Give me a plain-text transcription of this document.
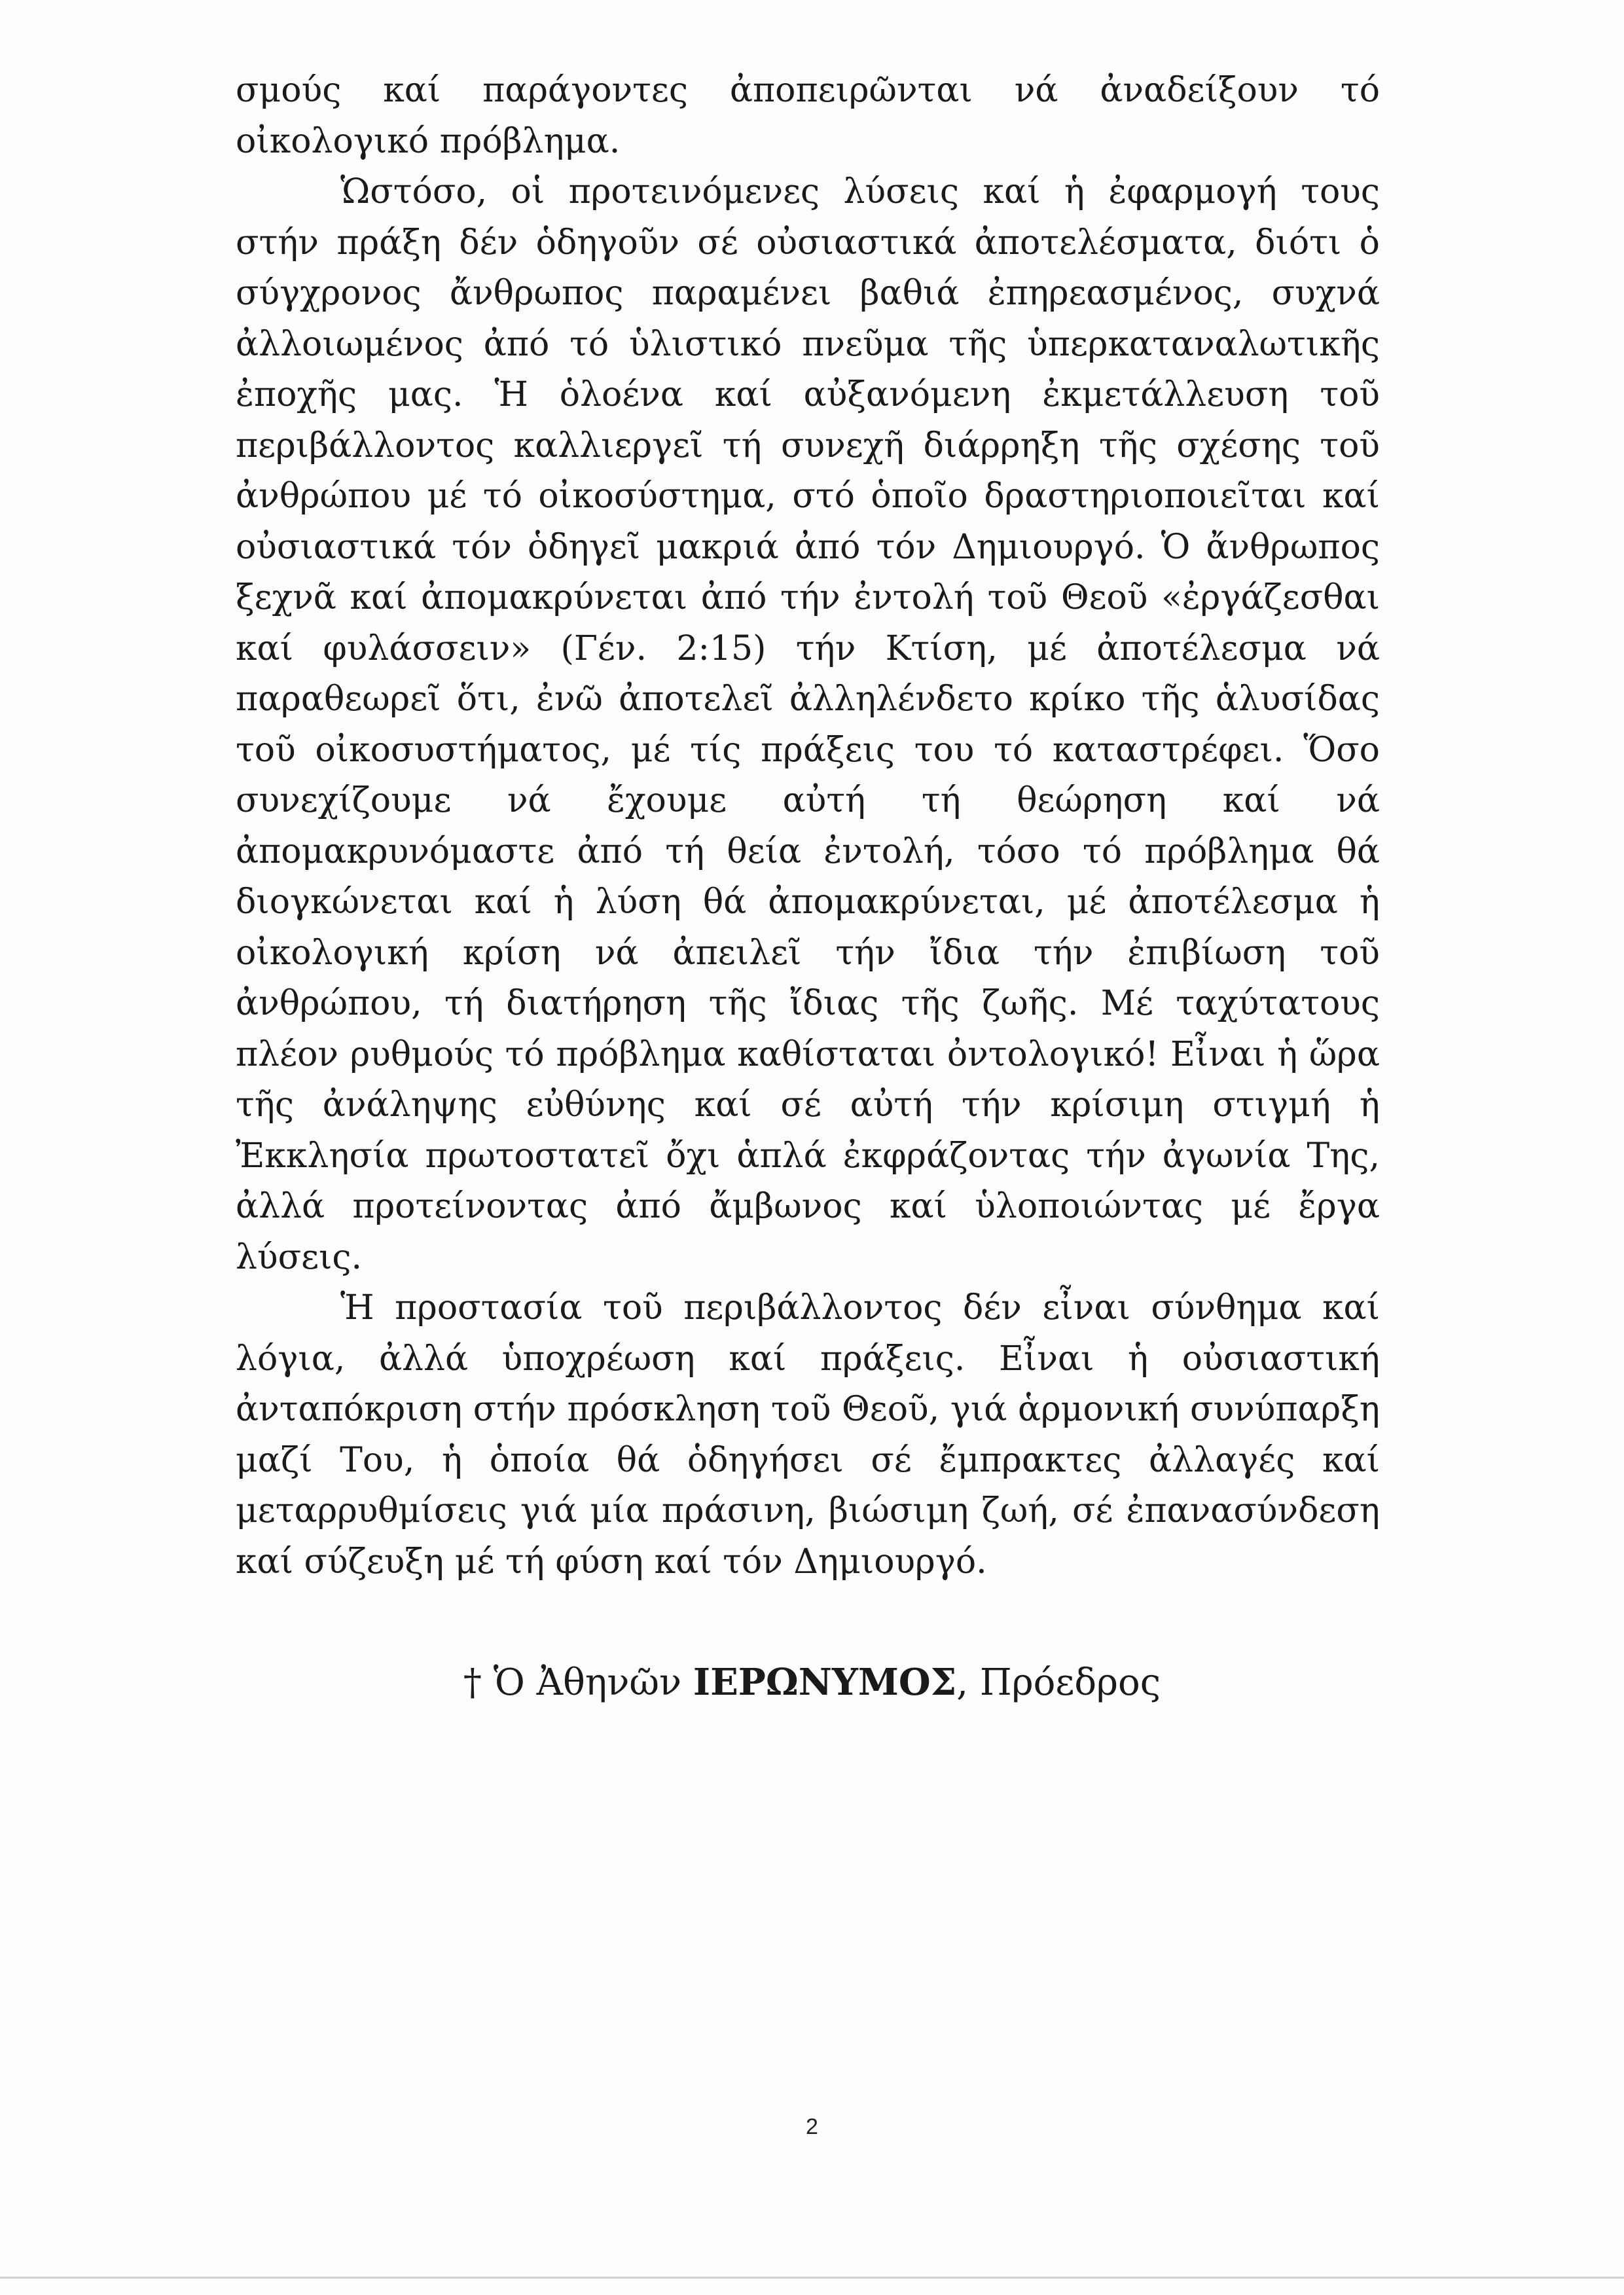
σμούς καί παράγοντες ἀποπειρῶνται νά ἀναδείξουν τό οἰκολογικό πρόβλημα.

Ὡστόσο, οἱ προτεινόμενες λύσεις καί ἡ ἐφαρμογή τους στήν πράξη δέν ὁδηγοῦν σέ οὐσιαστικά ἀποτελέσματα, διότι ὁ σύγχρονος ἄνθρωπος παραμένει βαθιά ἐπηρεασμένος, συχνά ἀλλοιωμένος ἀπό τό ὑλιστικό πνεῦμα τῆς ὑπερκαταναλωτικῆς ἐποχῆς μας. Ἡ ὁλοένα καί αὐξανόμενη ἐκμετάλλευση τοῦ περιβάλλοντος καλλιεργεῖ τή συνεχῆ διάρρηξη τῆς σχέσης τοῦ ἀνθρώπου μέ τό οἰκοσύστημα, στό ὁποῖο δραστηριοποιεῖται καί οὐσιαστικά τόν ὁδηγεῖ μακριά ἀπό τόν Δημιουργό. Ὁ ἄνθρωπος ξεχνᾶ καί ἀπομακρύνεται ἀπό τήν ἐντολή τοῦ Θεοῦ «ἐργάζεσθαι καί φυλάσσειν» (Γέν. 2:15) τήν Κτίση, μέ ἀποτέλεσμα νά παραθεωρεῖ ὅτι, ἐνῶ ἀποτελεῖ ἀλληλένδετο κρίκο τῆς ἁλυσίδας τοῦ οἰκοσυστήματος, μέ τίς πράξεις του τό καταστρέφει. Ὅσο συνεχίζουμε νά ἔχουμε αὐτή τή θεώρηση καί νά ἀπομακρυνόμαστε ἀπό τή θεία ἐντολή, τόσο τό πρόβλημα θά διογκώνεται καί ἡ λύση θά ἀπομακρύνεται, μέ ἀποτέλεσμα ἡ οἰκολογική κρίση νά ἀπειλεῖ τήν ἴδια τήν ἐπιβίωση τοῦ ἀνθρώπου, τή διατήρηση τῆς ἴδιας τῆς ζωῆς. Μέ ταχύτατους πλέον ρυθμούς τό πρόβλημα καθίσταται ὀντολογικό! Εἶναι ἡ ὥρα τῆς ἀνάληψης εὐθύνης καί σέ αὐτή τήν κρίσιμη στιγμή ἡ Ἐκκλησία πρωτοστατεῖ ὄχι ἁπλά ἐκφράζοντας τήν ἀγωνία Της, ἀλλά προτείνοντας ἀπό ἄμβωνος καί ὑλοποιώντας μέ ἔργα λύσεις.

Ἡ προστασία τοῦ περιβάλλοντος δέν εἶναι σύνθημα καί λόγια, ἀλλά ὑποχρέωση καί πράξεις. Εἶναι ἡ οὐσιαστική ἀνταπόκριση στήν πρόσκληση τοῦ Θεοῦ, γιά ἁρμονική συνύπαρξη μαζί Του, ἡ ὁποία θά ὁδηγήσει σέ ἔμπρακτες ἀλλαγές καί μεταρρυθμίσεις γιά μία πράσινη, βιώσιμη ζωή, σέ ἐπανασύνδεση καί σύζευξη μέ τή φύση καί τόν Δημιουργό.

† Ὁ Ἀθηνῶν ΙΕΡΩΝΥΜΟΣ, Πρόεδρος
2
